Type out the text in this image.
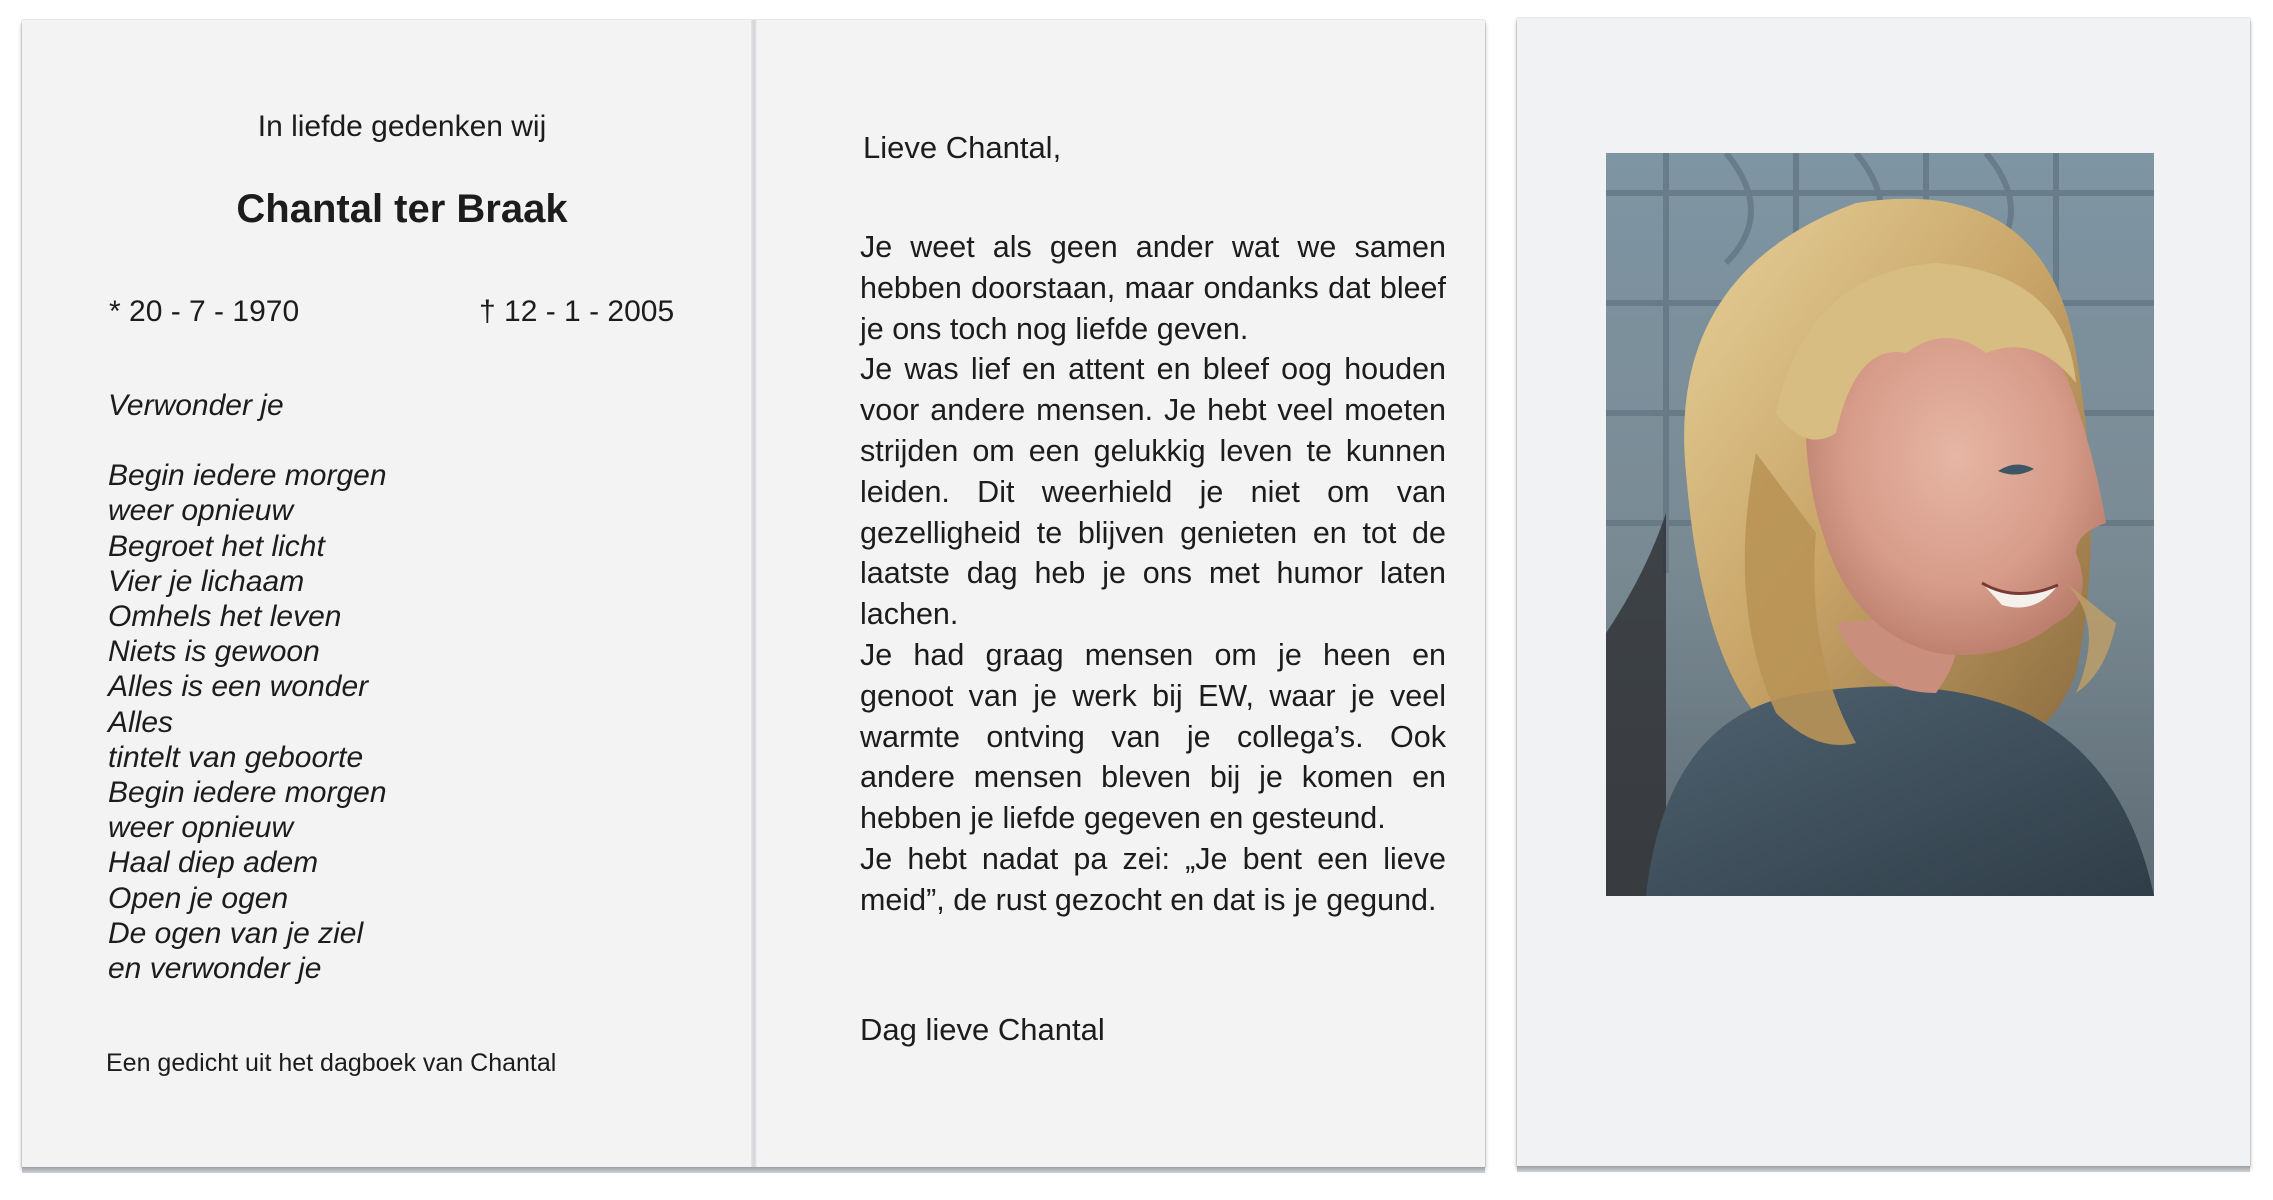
In liefde gedenken wij
Chantal ter Braak
* 20 - 7 - 1970	† 12 - 1 - 2005
Verwonder je
Begin iedere morgen
weer opnieuw
Begroet het licht
Vier je lichaam
Omhels het leven
Niets is gewoon
Alles is een wonder
Alles
tintelt van geboorte
Begin iedere morgen
weer opnieuw
Haal diep adem
Open je ogen
De ogen van je ziel
en verwonder je
Een gedicht uit het dagboek van Chantal
Lieve Chantal,
Je weet als geen ander wat we samen hebben doorstaan, maar ondanks dat bleef je ons toch nog liefde geven.
Je was lief en attent en bleef oog houden voor andere mensen. Je hebt veel moeten strijden om een gelukkig leven te kunnen leiden. Dit weerhield je niet om van gezelligheid te blijven genieten en tot de laatste dag heb je ons met humor laten lachen.
Je had graag mensen om je heen en genoot van je werk bij EW, waar je veel warmte ontving van je collega’s. Ook andere mensen bleven bij je komen en hebben je liefde gegeven en gesteund.
Je hebt nadat pa zei: „Je bent een lieve meid”, de rust gezocht en dat is je gegund.
Dag lieve Chantal
